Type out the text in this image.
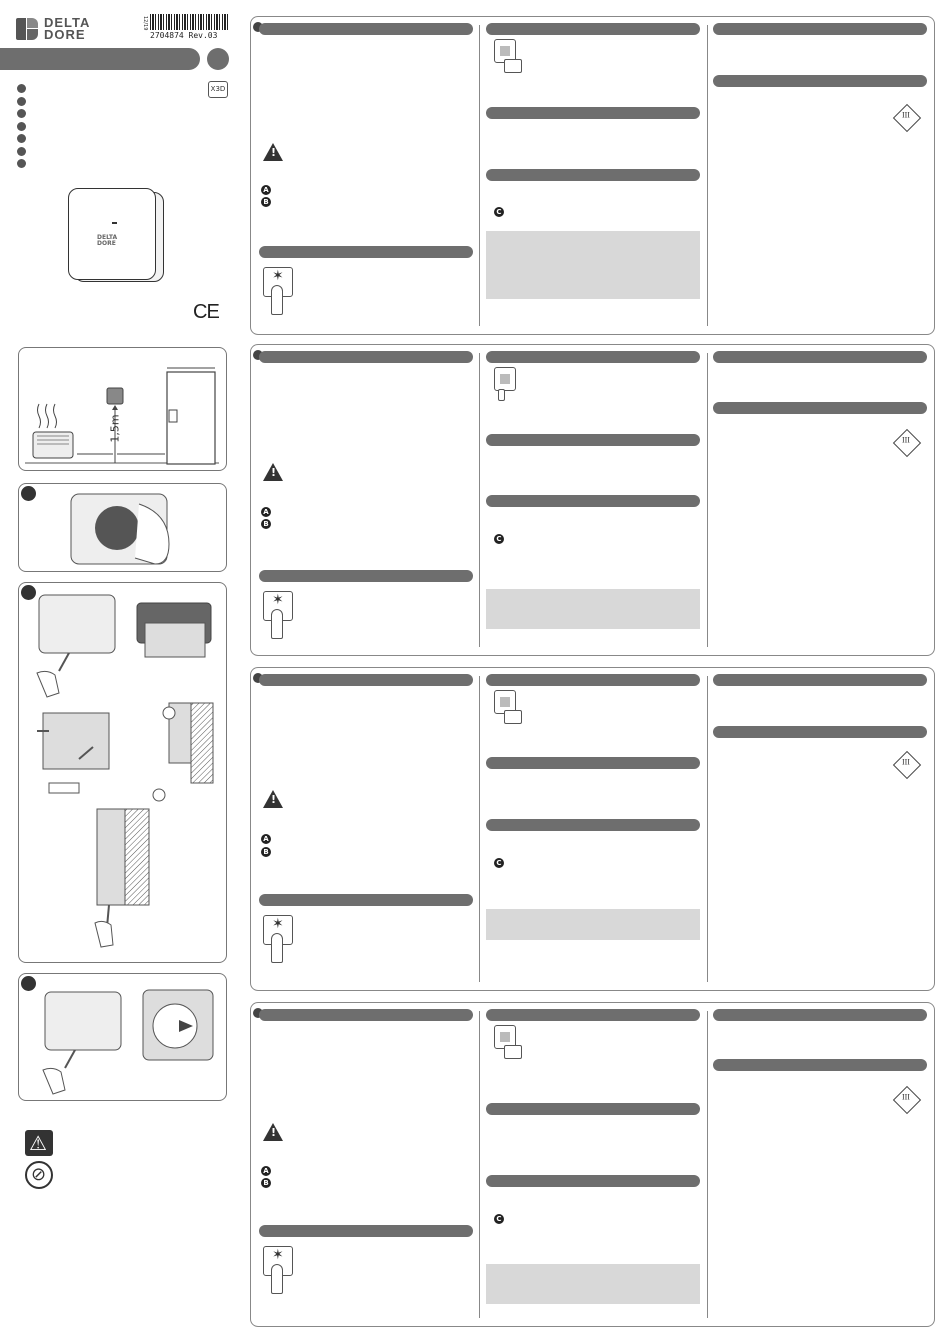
DELTA
DORE
12/19
2704874 Rev.03
X3D
DELTA
DORE
CE
1,5m
⚠
⊘
!
A
B
✶
C
III
!
A
B
✶
C
III
!
A
B
✶
C
III
!
A
B
✶
C
III
